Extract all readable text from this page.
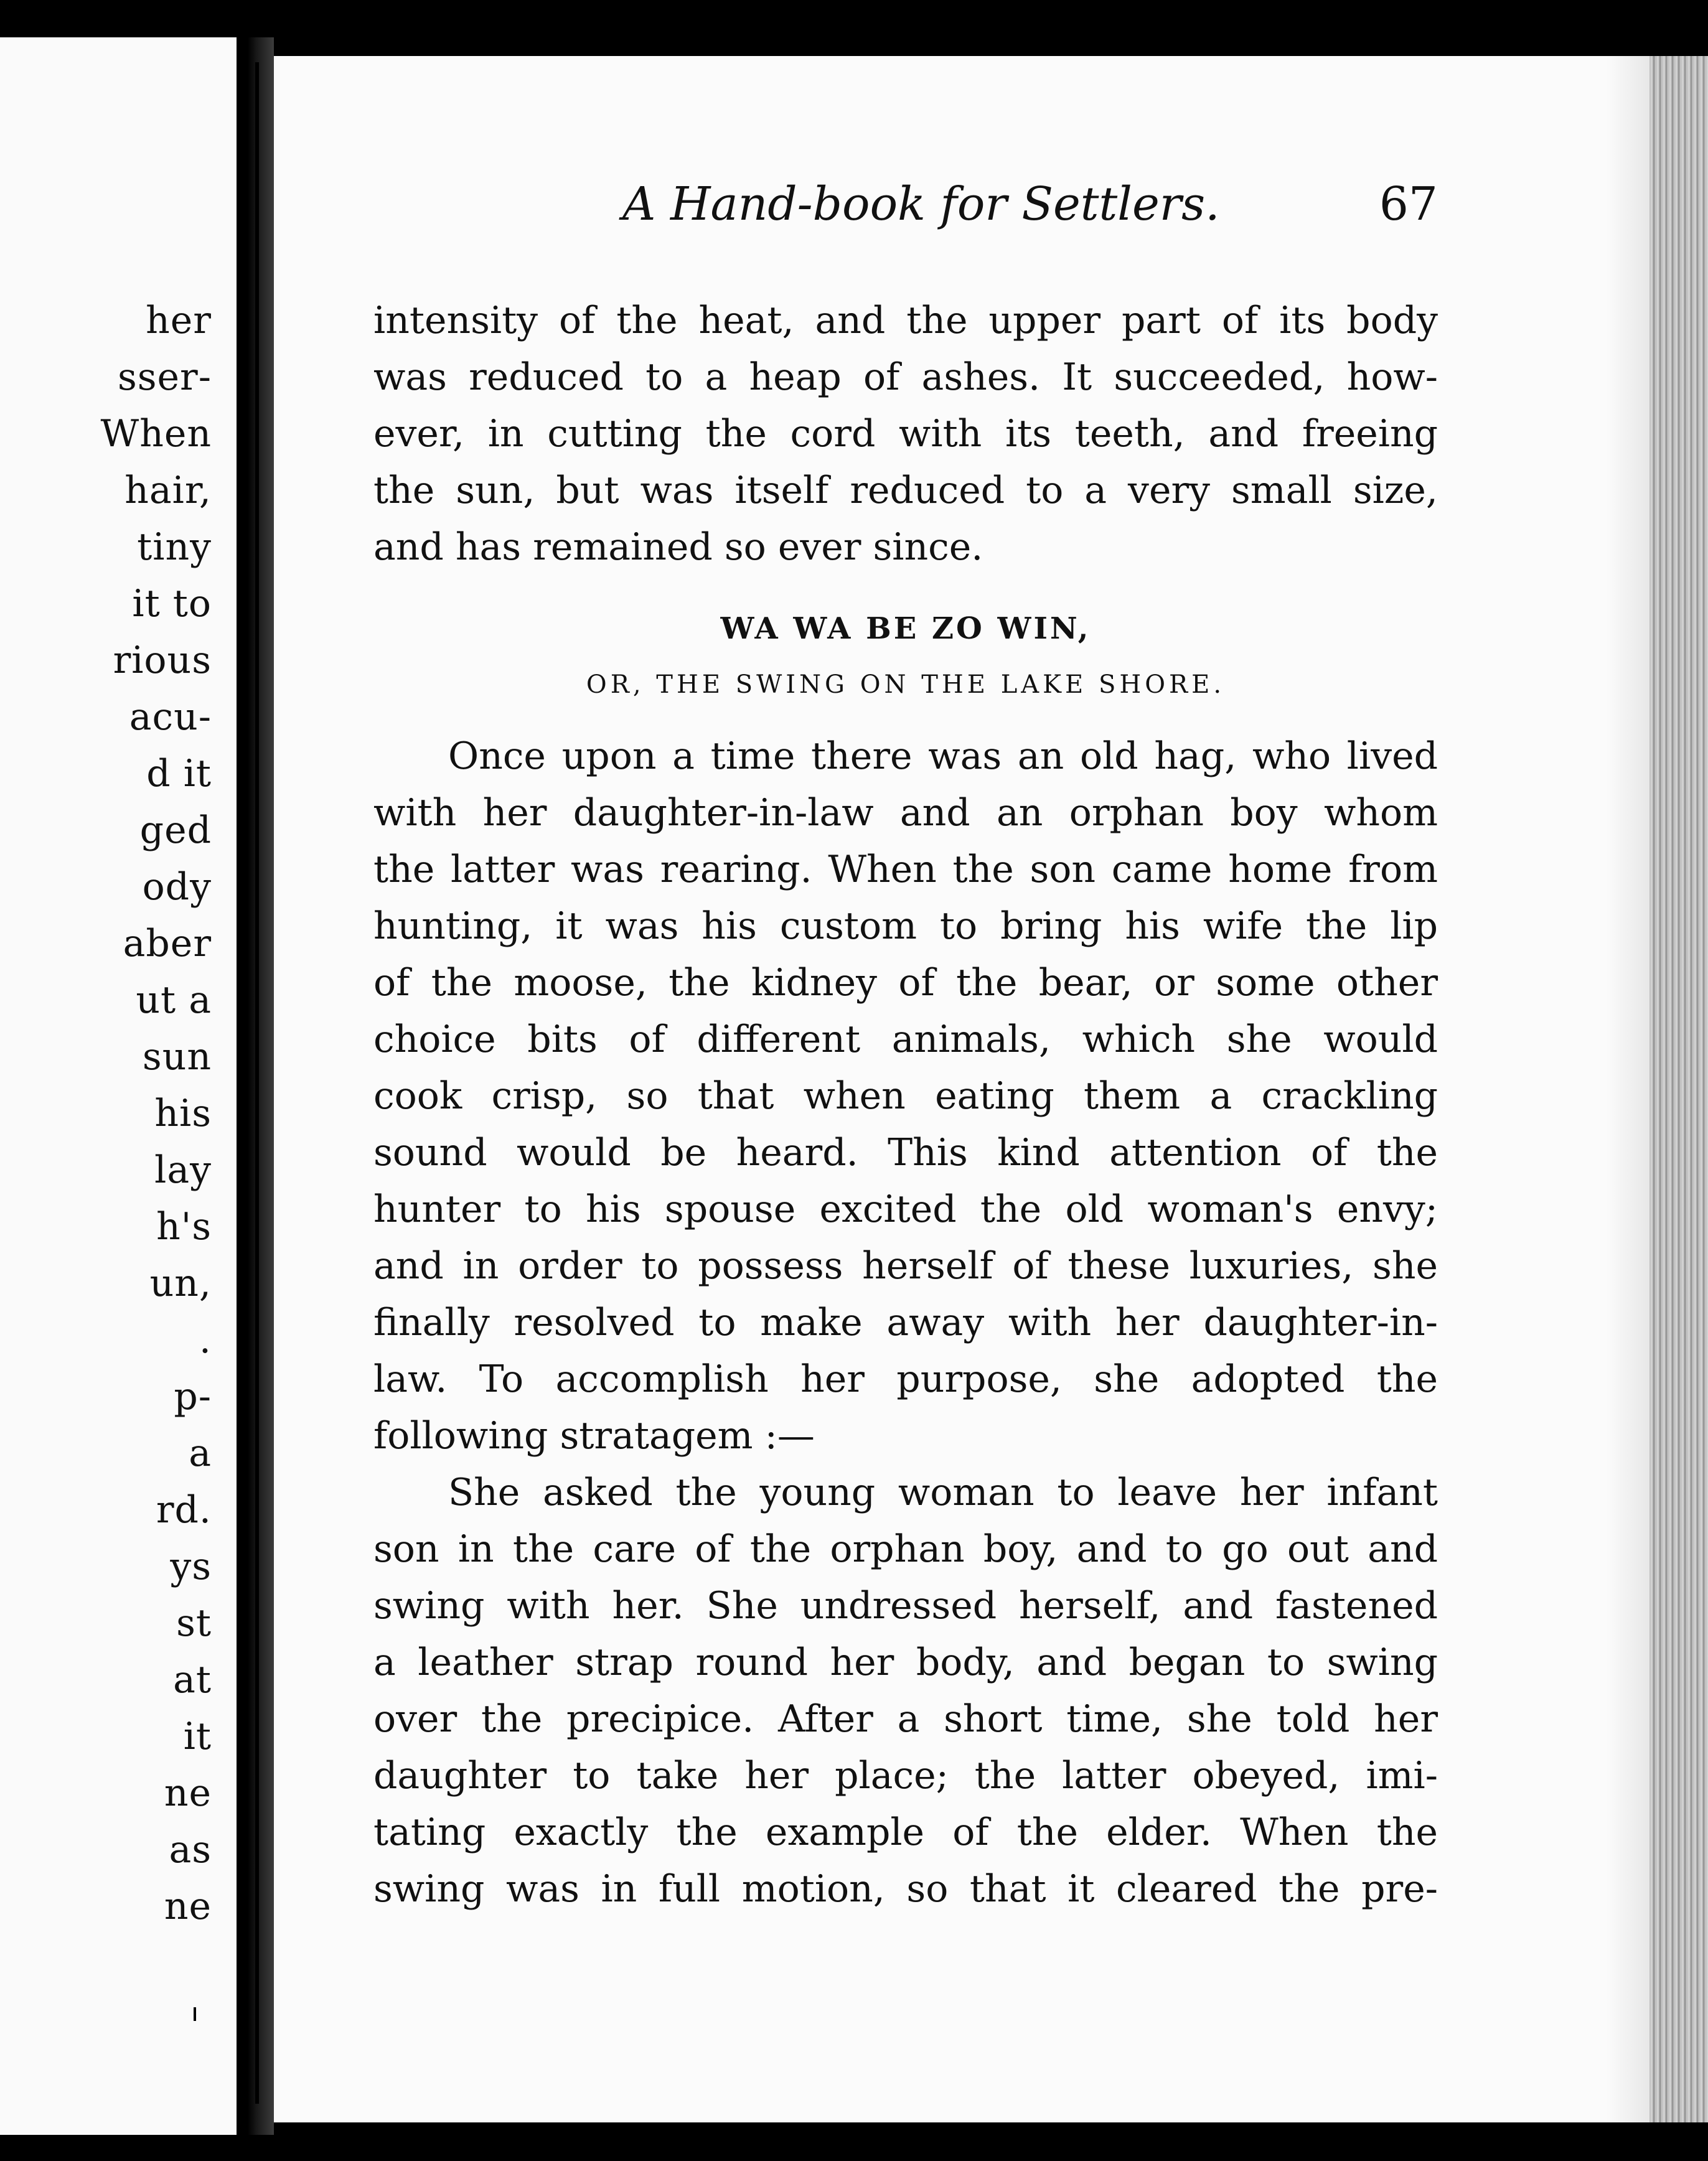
her
sser-
When
hair,
tiny
it to
rious
acu-
d it
ged
ody
aber
ut a
sun
his
lay
h's
un,
.
p-
a
rd.
ys
st
at
it
ne
as
ne
A Hand-book for Settlers.	67
intensity of the heat, and the upper part of its body
was reduced to a heap of ashes. It succeeded, how-
ever, in cutting the cord with its teeth, and freeing
the sun, but was itself reduced to a very small size,
and has remained so ever since.
WA WA BE ZO WIN,
OR, THE SWING ON THE LAKE SHORE.
Once upon a time there was an old hag, who lived
with her daughter-in-law and an orphan boy whom
the latter was rearing. When the son came home from
hunting, it was his custom to bring his wife the lip
of the moose, the kidney of the bear, or some other
choice bits of different animals, which she would
cook crisp, so that when eating them a crackling
sound would be heard. This kind attention of the
hunter to his spouse excited the old woman's envy;
and in order to possess herself of these luxuries, she
finally resolved to make away with her daughter-in-
law. To accomplish her purpose, she adopted the
following stratagem :—
She asked the young woman to leave her infant
son in the care of the orphan boy, and to go out and
swing with her. She undressed herself, and fastened
a leather strap round her body, and began to swing
over the precipice. After a short time, she told her
daughter to take her place; the latter obeyed, imi-
tating exactly the example of the elder. When the
swing was in full motion, so that it cleared the pre-
